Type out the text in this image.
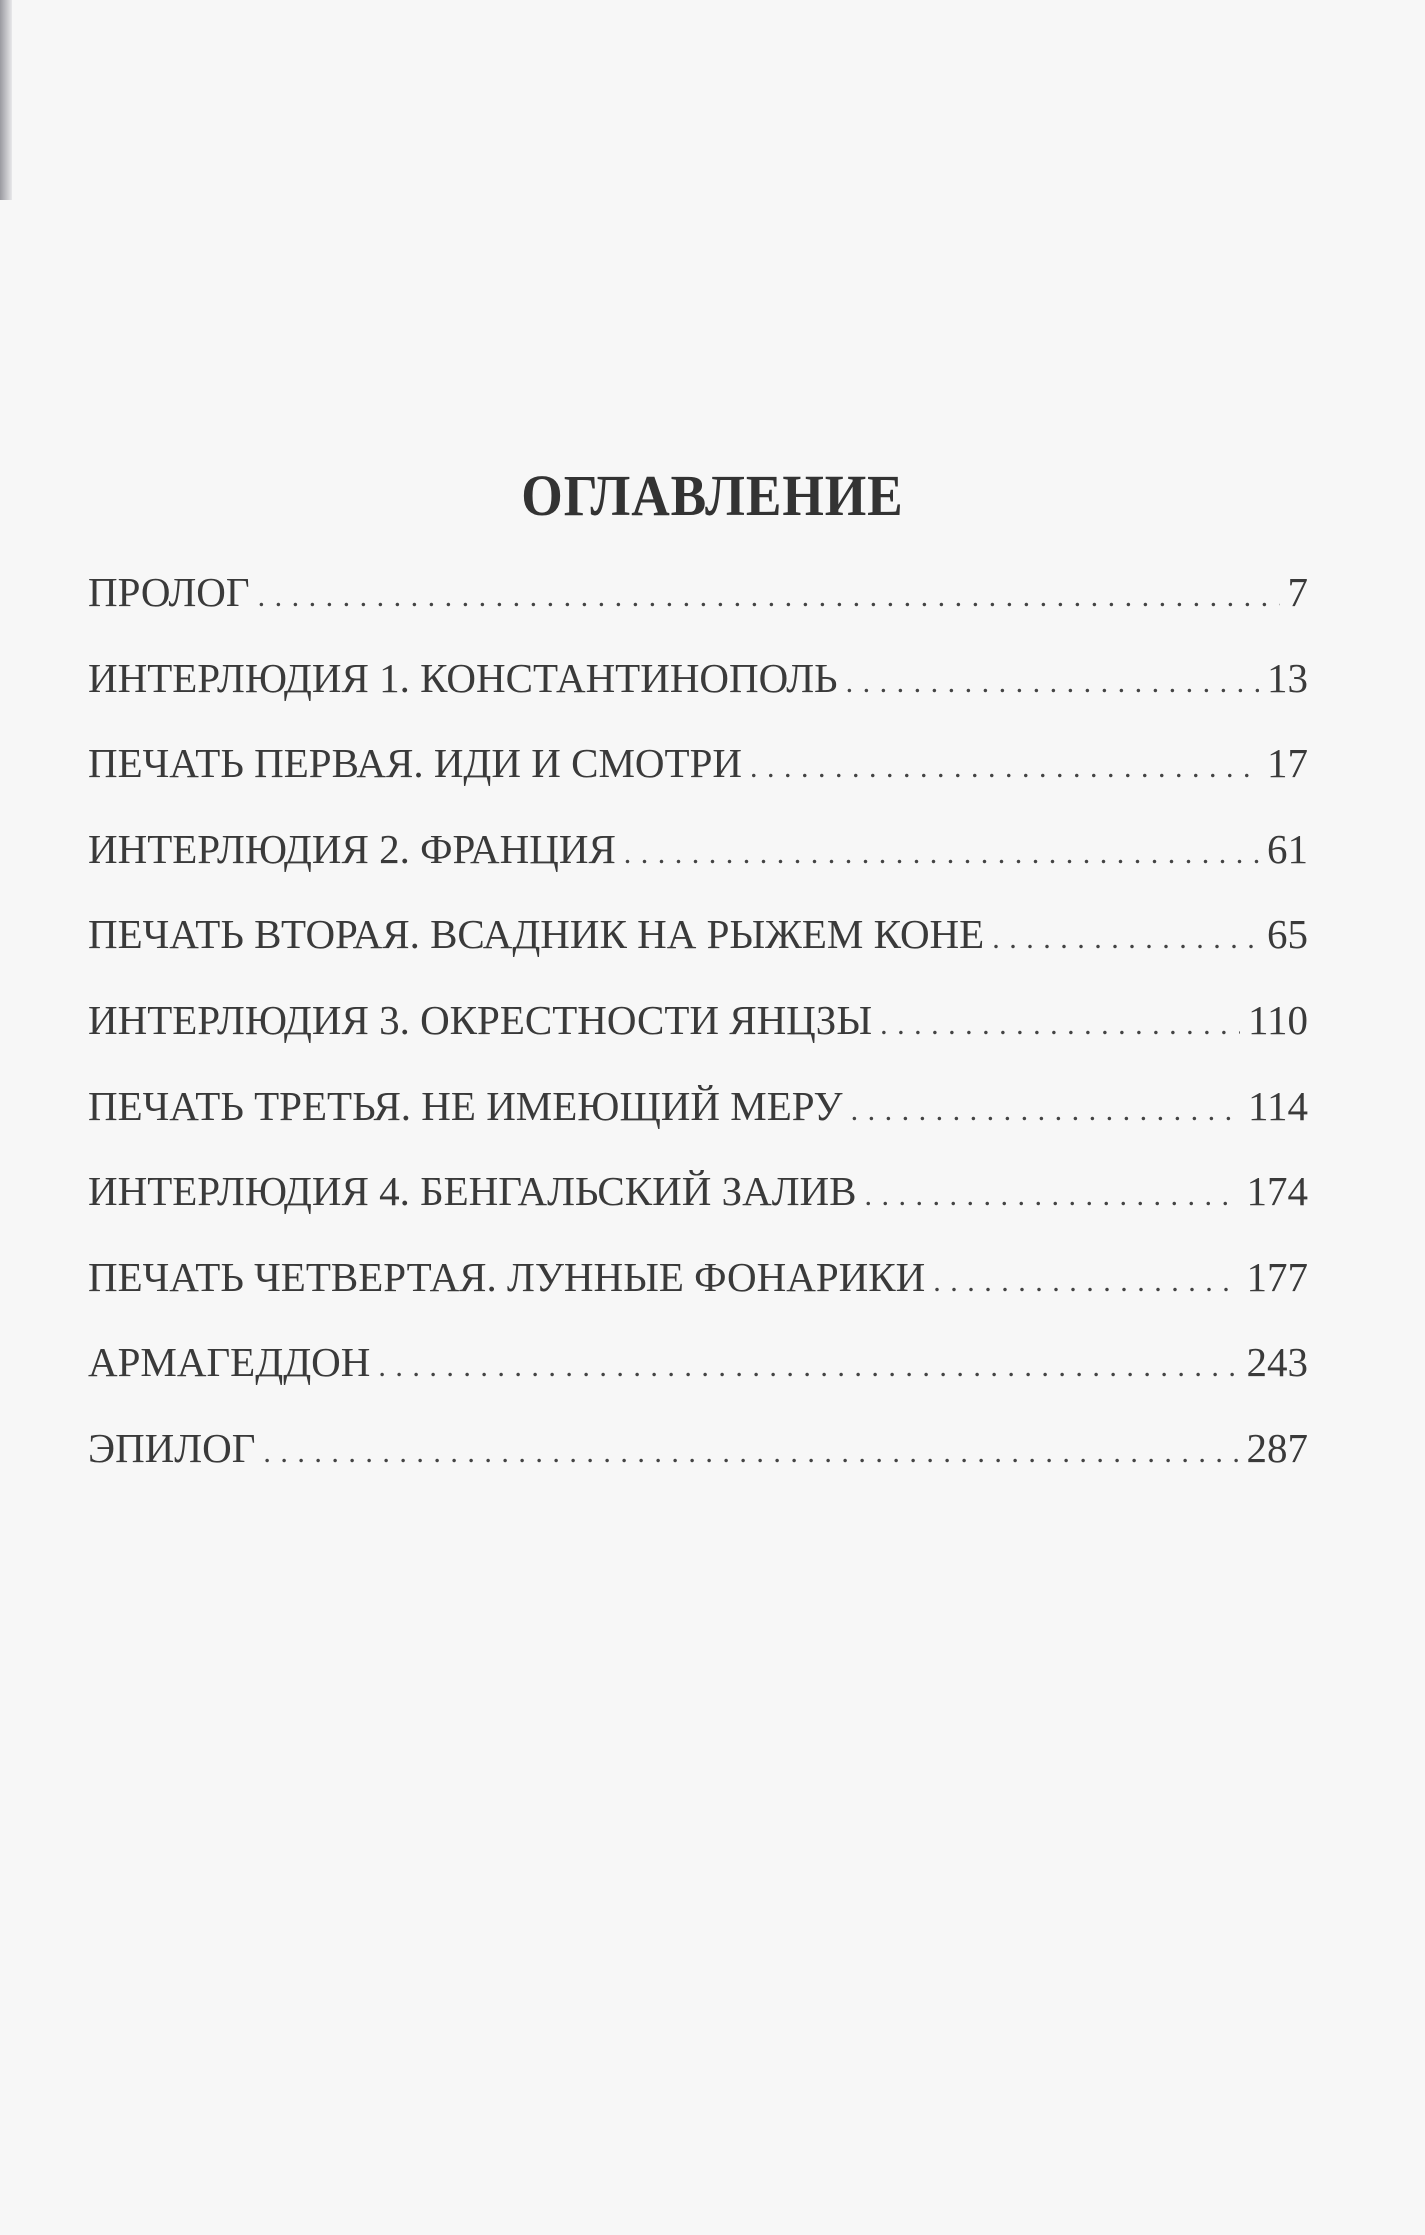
ОГЛАВЛЕНИЕ
ПРОЛОГ . . .	7
ИНТЕРЛЮДИЯ 1. КОНСТАНТИНОПОЛЬ . . .	13
ПЕЧАТЬ ПЕРВАЯ. ИДИ И СМОТРИ . . .	17
ИНТЕРЛЮДИЯ 2. ФРАНЦИЯ . . .	61
ПЕЧАТЬ ВТОРАЯ. ВСАДНИК НА РЫЖЕМ КОНЕ . . .	65
ИНТЕРЛЮДИЯ 3. ОКРЕСТНОСТИ ЯНЦЗЫ . . .	110
ПЕЧАТЬ ТРЕТЬЯ. НЕ ИМЕЮЩИЙ МЕРУ . . .	114
ИНТЕРЛЮДИЯ 4. БЕНГАЛЬСКИЙ ЗАЛИВ . . .	174
ПЕЧАТЬ ЧЕТВЕРТАЯ. ЛУННЫЕ ФОНАРИКИ . . .	177
АРМАГЕДДОН . . .	243
ЭПИЛОГ . . .	287
